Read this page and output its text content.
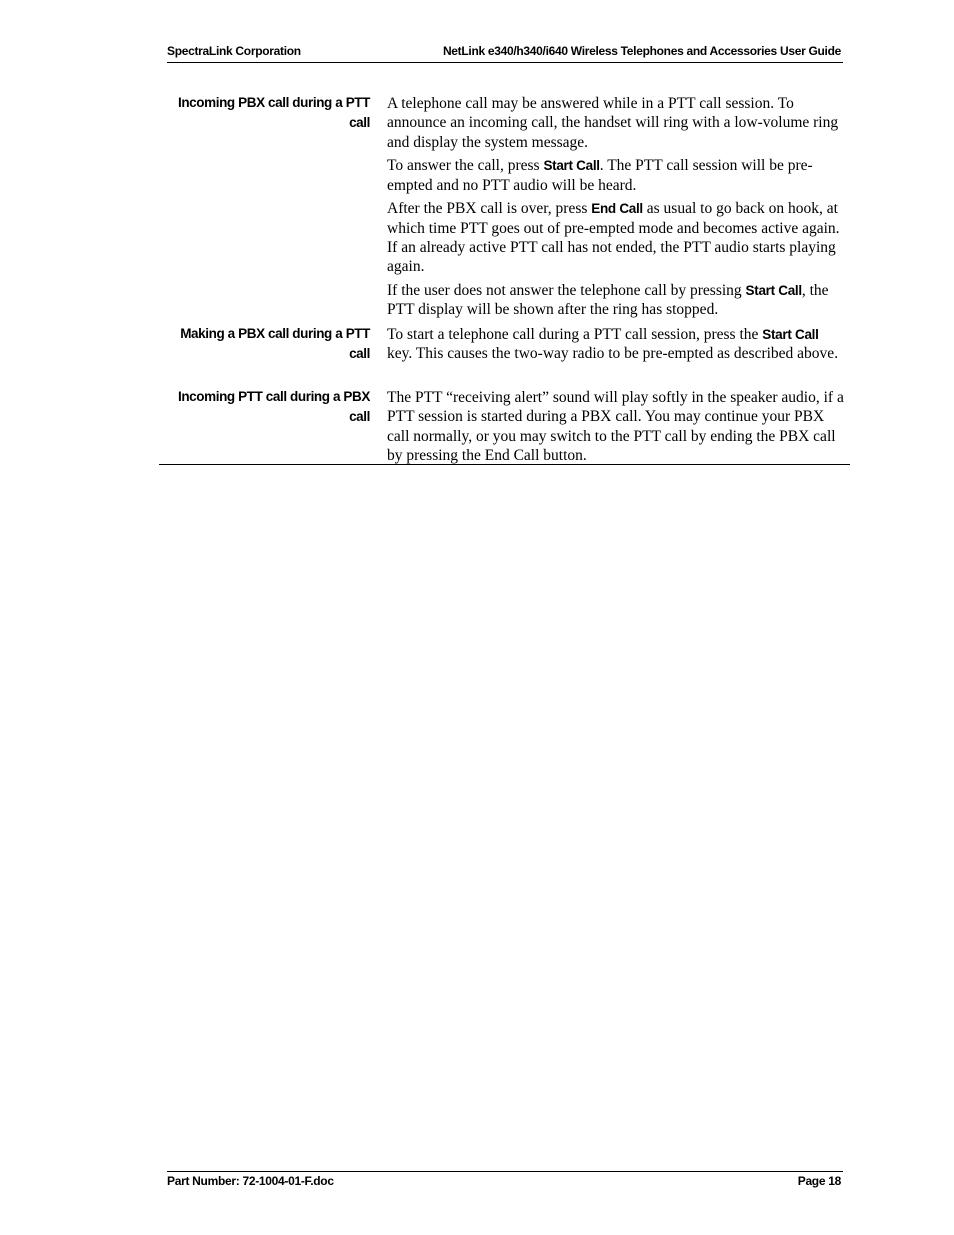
SpectraLink Corporation	NetLink e340/h340/i640 Wireless Telephones and Accessories User Guide
Incoming PBX call during a PTT call

A telephone call may be answered while in a PTT call session. To announce an incoming call, the handset will ring with a low-volume ring and display the system message.

To answer the call, press Start Call. The PTT call session will be pre-empted and no PTT audio will be heard.

After the PBX call is over, press End Call as usual to go back on hook, at which time PTT goes out of pre-empted mode and becomes active again. If an already active PTT call has not ended, the PTT audio starts playing again.

If the user does not answer the telephone call by pressing Start Call, the PTT display will be shown after the ring has stopped.

Making a PBX call during a PTT call

To start a telephone call during a PTT call session, press the Start Call key. This causes the two-way radio to be pre-empted as described above.

Incoming PTT call during a PBX call

The PTT “receiving alert” sound will play softly in the speaker audio, if a PTT session is started during a PBX call. You may continue your PBX call normally, or you may switch to the PTT call by ending the PBX call by pressing the End Call button.

Part Number: 72-1004-01-F.doc	Page 18
